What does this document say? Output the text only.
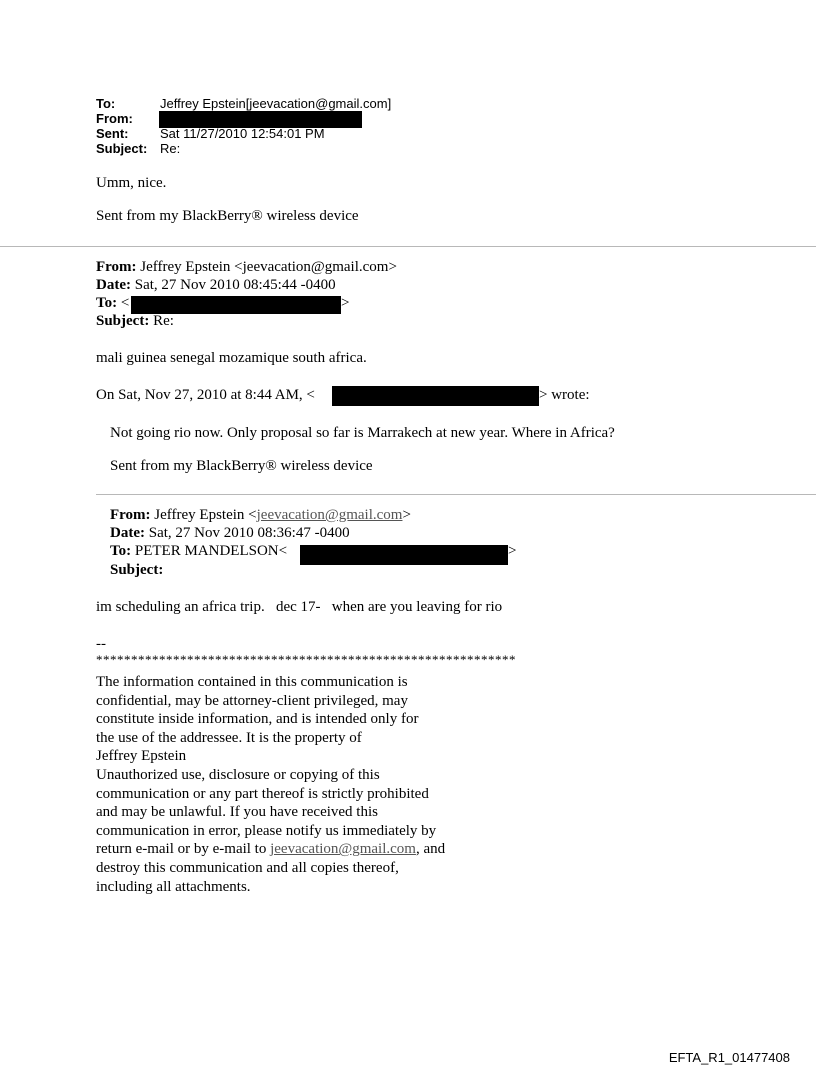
To:	Jeffrey Epstein[jeevacation@gmail.com]
From:
Sent: Sat 11/27/2010 12:54:01 PM
Subject: Re:
Umm, nice.
Sent from my BlackBerry® wireless device
From: Jeffrey Epstein <jeevacation@gmail.com>
Date: Sat, 27 Nov 2010 08:45:44 -0400
To: <	>
Subject: Re:
mali guinea senegal mozamique south africa.
On Sat, Nov 27, 2010 at 8:44 AM, <	> wrote:
Not going rio now. Only proposal so far is Marrakech at new year. Where in Africa?
Sent from my BlackBerry® wireless device
From: Jeffrey Epstein <jeevacation@gmail.com>
Date: Sat, 27 Nov 2010 08:36:47 -0400
To: PETER MANDELSON<	>
Subject:
im scheduling an africa trip.   dec 17-   when are you leaving for rio
--
************************************************************
The information contained in this communication is
confidential, may be attorney-client privileged, may
constitute inside information, and is intended only for
the use of the addressee. It is the property of
Jeffrey Epstein
Unauthorized use, disclosure or copying of this
communication or any part thereof is strictly prohibited
and may be unlawful. If you have received this
communication in error, please notify us immediately by
return e-mail or by e-mail to jeevacation@gmail.com, and
destroy this communication and all copies thereof,
including all attachments.
EFTA_R1_01477408
